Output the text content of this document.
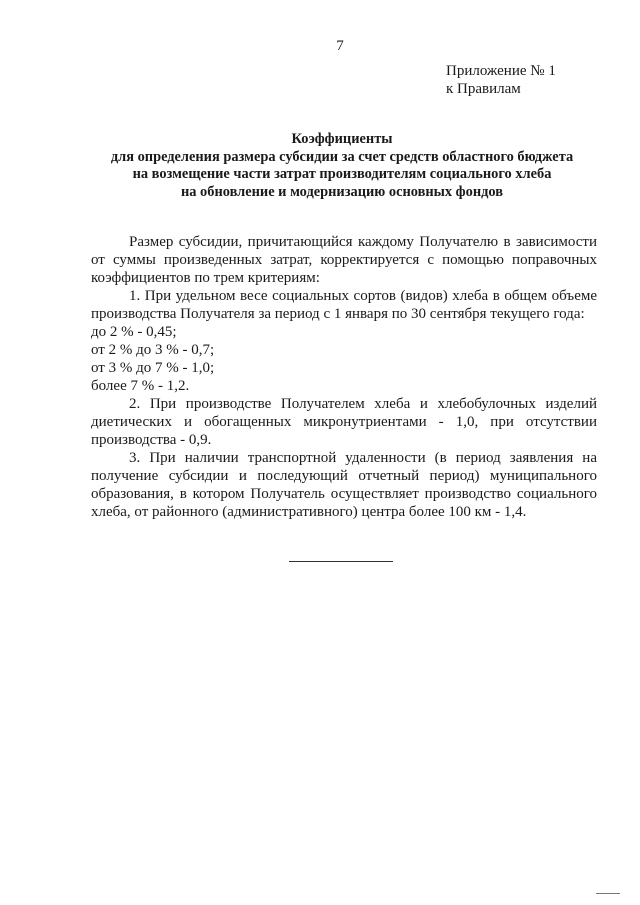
7
Приложение № 1
к Правилам
Коэффициенты
для определения размера субсидии за счет средств областного бюджета
на возмещение части затрат производителям социального хлеба
на обновление и модернизацию основных фондов

Размер субсидии, причитающийся каждому Получателю в зависимости от суммы произведенных затрат, корректируется с помощью поправочных коэффициентов по трем критериям:

1. При удельном весе социальных сортов (видов) хлеба в общем объеме производства Получателя за период с 1 января по 30 сентября текущего года:

до 2 % - 0,45;

от 2 % до 3 % - 0,7;

от 3 % до 7 % - 1,0;

более 7 % - 1,2.

2. При производстве Получателем хлеба и хлебобулочных изделий диетических и обогащенных микронутриентами - 1,0, при отсутствии производства - 0,9.

3. При наличии транспортной удаленности (в период заявления на получение субсидии и последующий отчетный период) муниципального образования, в котором Получатель осуществляет производство социального хлеба, от районного (административного) центра более 100 км - 1,4.
